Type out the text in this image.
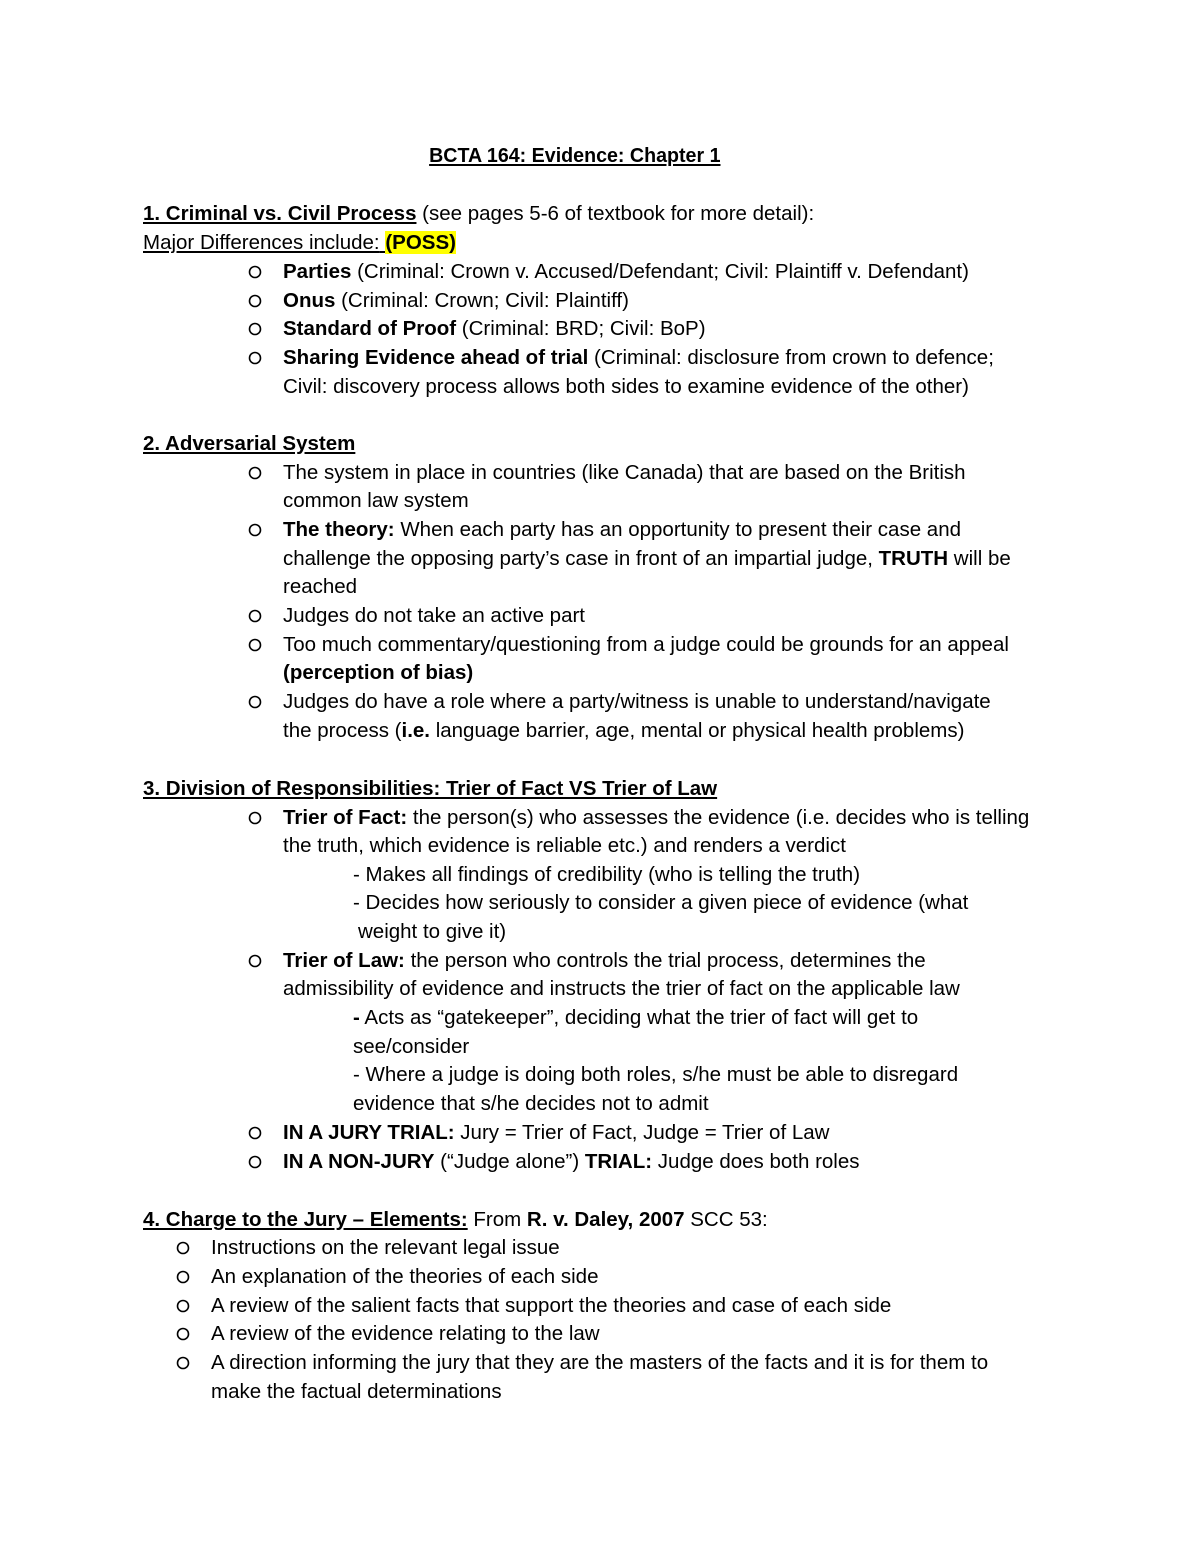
BCTA 164: Evidence: Chapter 1
1. Criminal vs. Civil Process (see pages 5-6 of textbook for more detail):
Major Differences include: (POSS)
Parties (Criminal: Crown v. Accused/Defendant; Civil: Plaintiff v. Defendant)
Onus (Criminal: Crown; Civil: Plaintiff)
Standard of Proof (Criminal: BRD; Civil: BoP)
Sharing Evidence ahead of trial (Criminal: disclosure from crown to defence;
Civil: discovery process allows both sides to examine evidence of the other)
2. Adversarial System
The system in place in countries (like Canada) that are based on the British
common law system
The theory: When each party has an opportunity to present their case and
challenge the opposing party’s case in front of an impartial judge, TRUTH will be
reached
Judges do not take an active part
Too much commentary/questioning from a judge could be grounds for an appeal
(perception of bias)
Judges do have a role where a party/witness is unable to understand/navigate
the process (i.e. language barrier, age, mental or physical health problems)
3. Division of Responsibilities: Trier of Fact VS Trier of Law
Trier of Fact: the person(s) who assesses the evidence (i.e. decides who is telling
the truth, which evidence is reliable etc.) and renders a verdict
- Makes all findings of credibility (who is telling the truth)
- Decides how seriously to consider a given piece of evidence (what
weight to give it)
Trier of Law: the person who controls the trial process, determines the
admissibility of evidence and instructs the trier of fact on the applicable law
- Acts as “gatekeeper”, deciding what the trier of fact will get to
see/consider
- Where a judge is doing both roles, s/he must be able to disregard
evidence that s/he decides not to admit
IN A JURY TRIAL: Jury = Trier of Fact, Judge = Trier of Law
IN A NON-JURY (“Judge alone”) TRIAL: Judge does both roles
4. Charge to the Jury – Elements: From R. v. Daley, 2007 SCC 53:
Instructions on the relevant legal issue
An explanation of the theories of each side
A review of the salient facts that support the theories and case of each side
A review of the evidence relating to the law
A direction informing the jury that they are the masters of the facts and it is for them to
make the factual determinations
